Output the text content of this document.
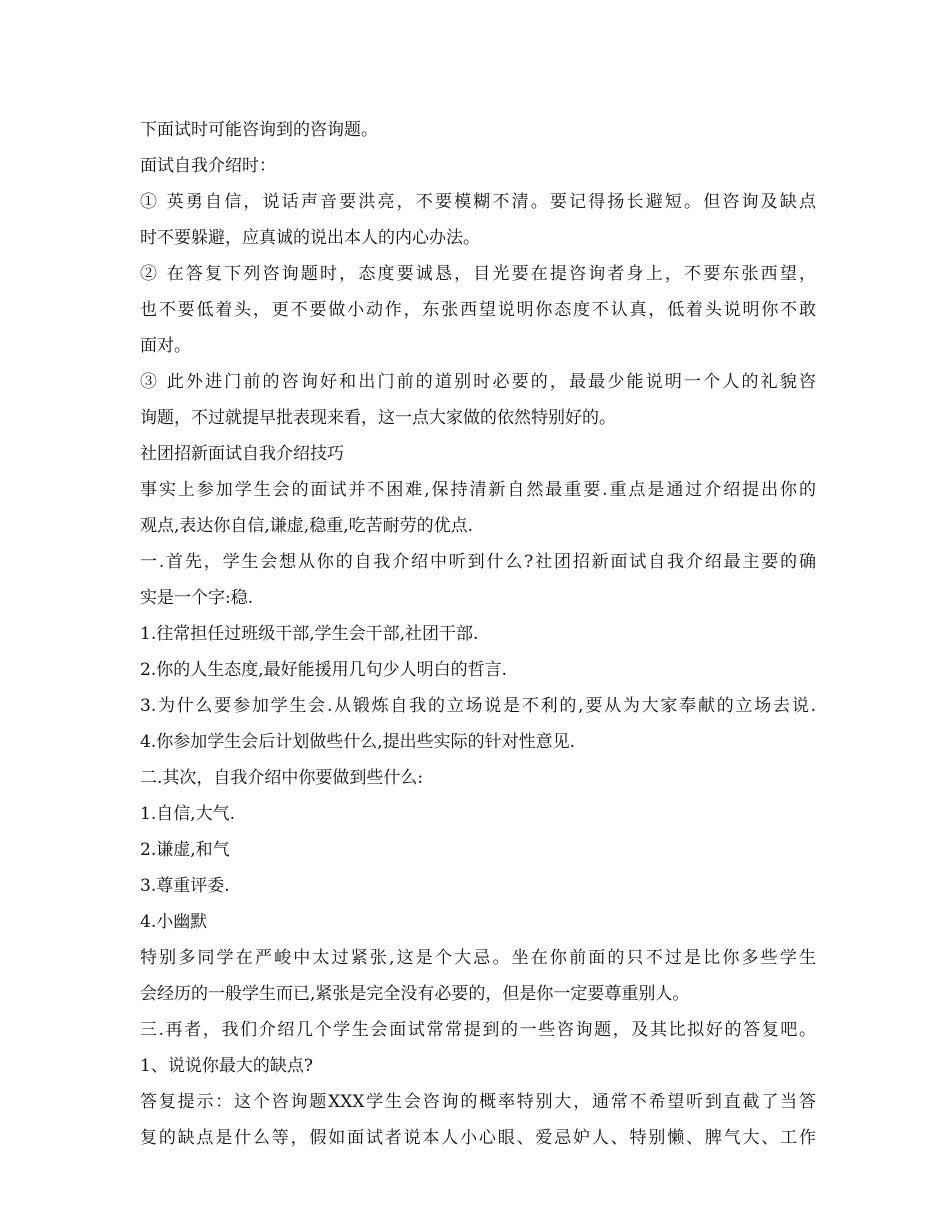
下面试时可能咨询到的咨询题。
面试自我介绍时：
① 英勇自信，说话声音要洪亮，不要模糊不清。要记得扬长避短。但咨询及缺点
时不要躲避，应真诚的说出本人的内心办法。
② 在答复下列咨询题时，态度要诚恳，目光要在提咨询者身上，不要东张西望，
也不要低着头，更不要做小动作，东张西望说明你态度不认真，低着头说明你不敢
面对。
③ 此外进门前的咨询好和出门前的道别时必要的，最最少能说明一个人的礼貌咨
询题，不过就提早批表现来看，这一点大家做的依然特别好的。
社团招新面试自我介绍技巧
事实上参加学生会的面试并不困难,保持清新自然最重要.重点是通过介绍提出你的
观点,表达你自信,谦虚,稳重,吃苦耐劳的优点.
一.首先，学生会想从你的自我介绍中听到什么?社团招新面试自我介绍最主要的确
实是一个字:稳.
1.往常担任过班级干部,学生会干部,社团干部.
2.你的人生态度,最好能援用几句少人明白的哲言.
3.为什么要参加学生会.从锻炼自我的立场说是不利的,要从为大家奉献的立场去说.
4.你参加学生会后计划做些什么,提出些实际的针对性意见.
二.其次，自我介绍中你要做到些什么:
1.自信,大气.
2.谦虚,和气
3.尊重评委.
4.小幽默
特别多同学在严峻中太过紧张,这是个大忌。坐在你前面的只不过是比你多些学生
会经历的一般学生而已,紧张是完全没有必要的，但是你一定要尊重别人。
三.再者，我们介绍几个学生会面试常常提到的一些咨询题，及其比拟好的答复吧。
1、说说你最大的缺点?
答复提示：这个咨询题XXX学生会咨询的概率特别大，通常不希望听到直截了当答
复的缺点是什么等，假如面试者说本人小心眼、爱忌妒人、特别懒、脾气大、工作
